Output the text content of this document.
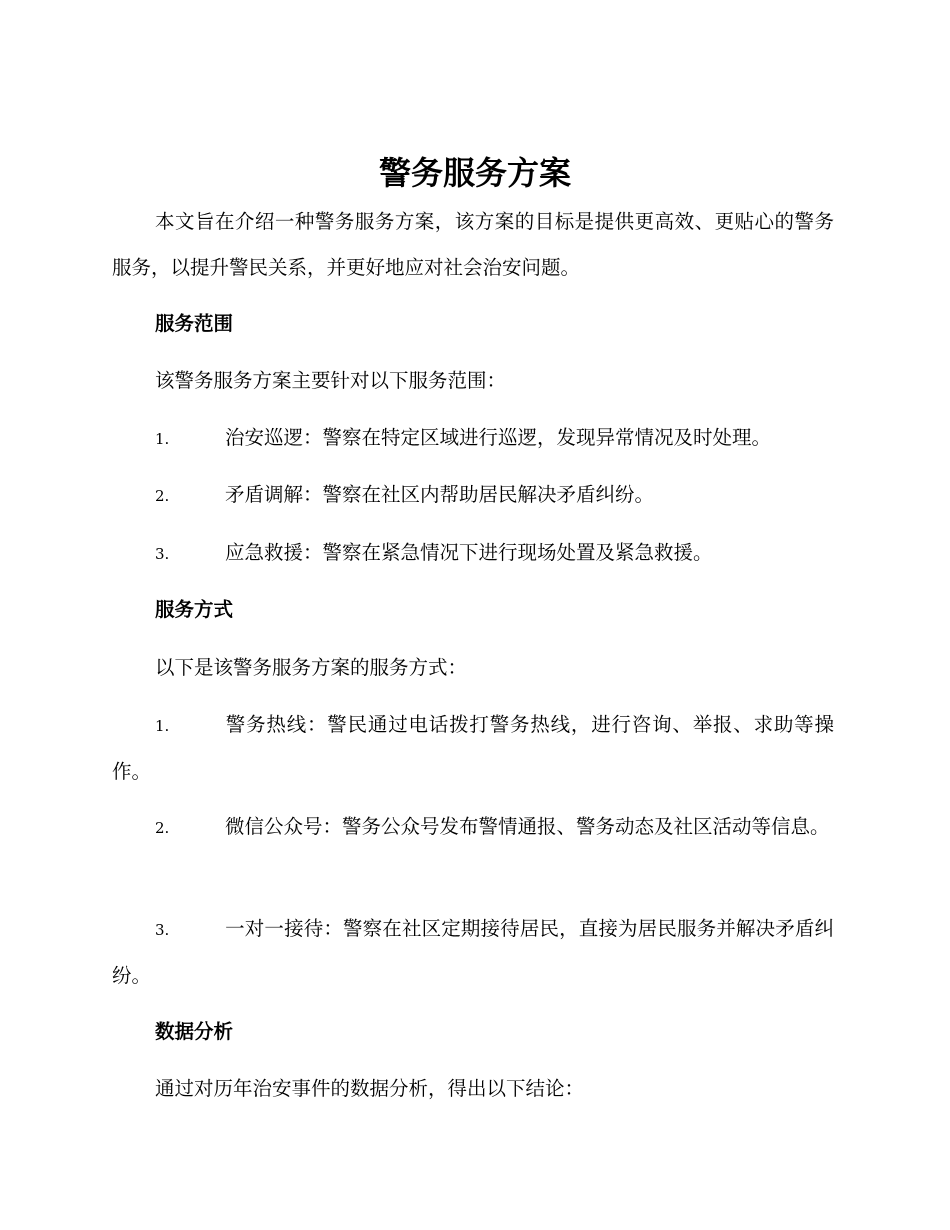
警务服务方案

本文旨在介绍一种警务服务方案，该方案的目标是提供更高效、更贴心的警务服务，以提升警民关系，并更好地应对社会治安问题。

服务范围

该警务服务方案主要针对以下服务范围：

1.	治安巡逻：警察在特定区域进行巡逻，发现异常情况及时处理。

2.	矛盾调解：警察在社区内帮助居民解决矛盾纠纷。

3.	应急救援：警察在紧急情况下进行现场处置及紧急救援。

服务方式

以下是该警务服务方案的服务方式：

1.	警务热线：警民通过电话拨打警务热线，进行咨询、举报、求助等操作。

2.	微信公众号：警务公众号发布警情通报、警务动态及社区活动等信息。

3.	一对一接待：警察在社区定期接待居民，直接为居民服务并解决矛盾纠纷。

数据分析

通过对历年治安事件的数据分析，得出以下结论：
